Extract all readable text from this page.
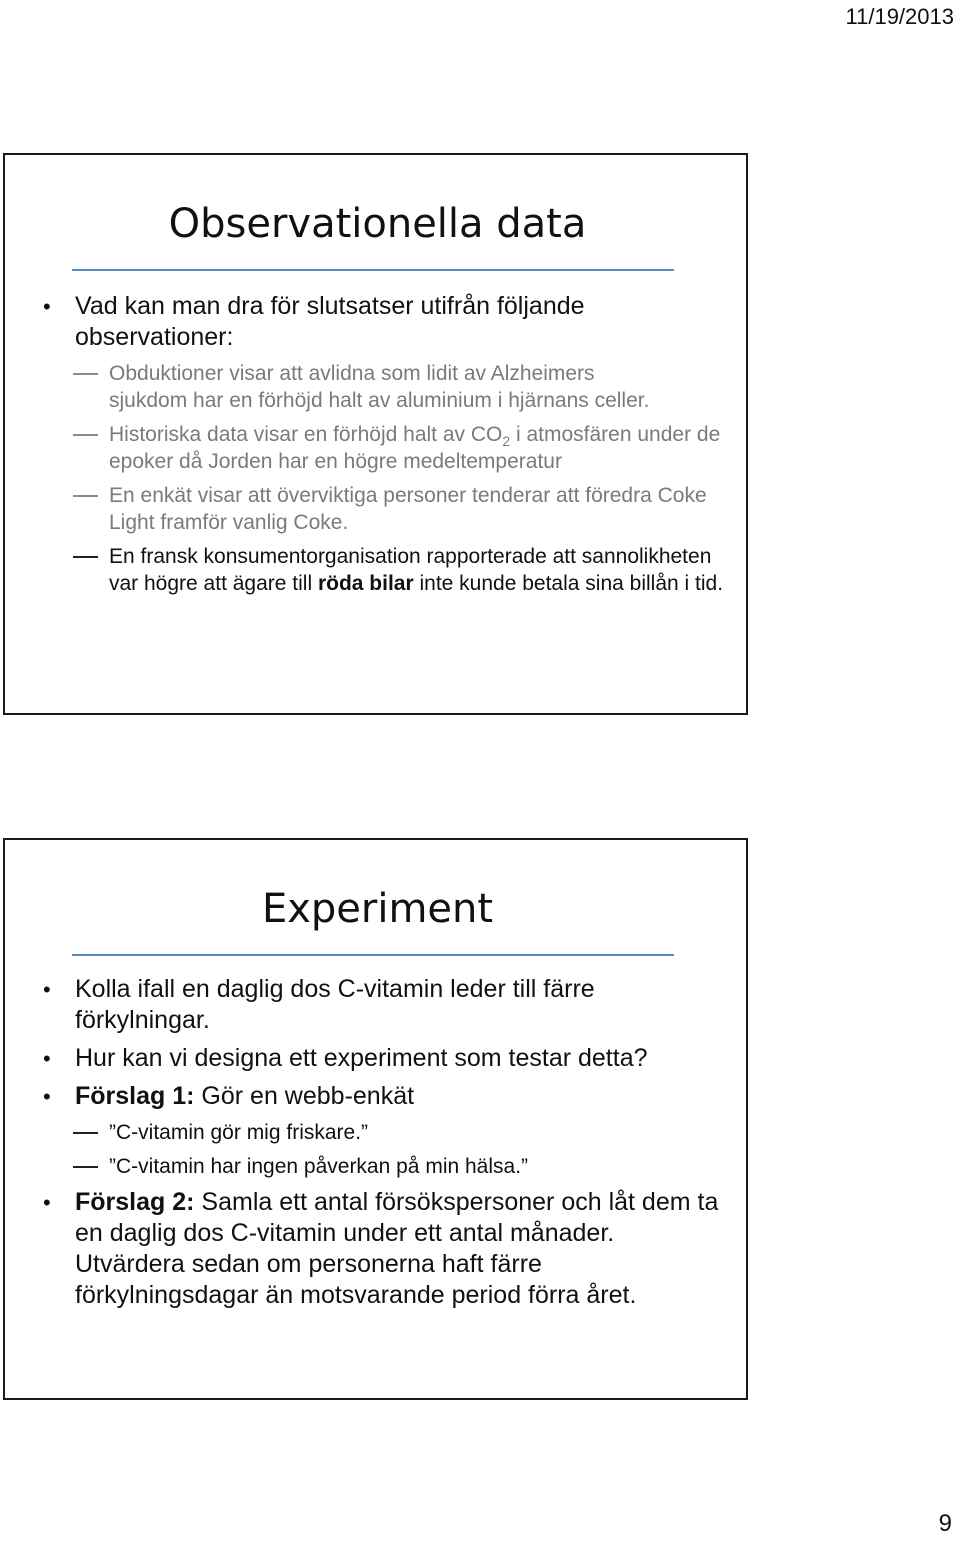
11/19/2013
Observationella data
• Vad kan man dra för slutsatser utifrån följande observationer:
Obduktioner visar att avlidna som lidit av Alzheimers
sjukdom har en förhöjd halt av aluminium i hjärnans celler.
Historiska data visar en förhöjd halt av $CO_2$ i atmosfären under de epoker då Jorden har en högre medeltemperatur
En enkät visar att överviktiga personer tenderar att föredra Coke Light framför vanlig Coke.
En fransk konsumentorganisation rapporterade att sannolikheten var högre att ägare till röda bilar inte kunde betala sina billån i tid.
Experiment
• Kolla ifall en daglig dos C-vitamin leder till färre förkylningar.
• Hur kan vi designa ett experiment som testar detta?
• Förslag 1: Gör en webb-enkät
”C-vitamin gör mig friskare.”
”C-vitamin har ingen påverkan på min hälsa.”
• Förslag 2: Samla ett antal försökspersoner och låt dem ta en daglig dos C-vitamin under ett antal månader. Utvärdera sedan om personerna haft färre förkylningsdagar än motsvarande period förra året.
9
